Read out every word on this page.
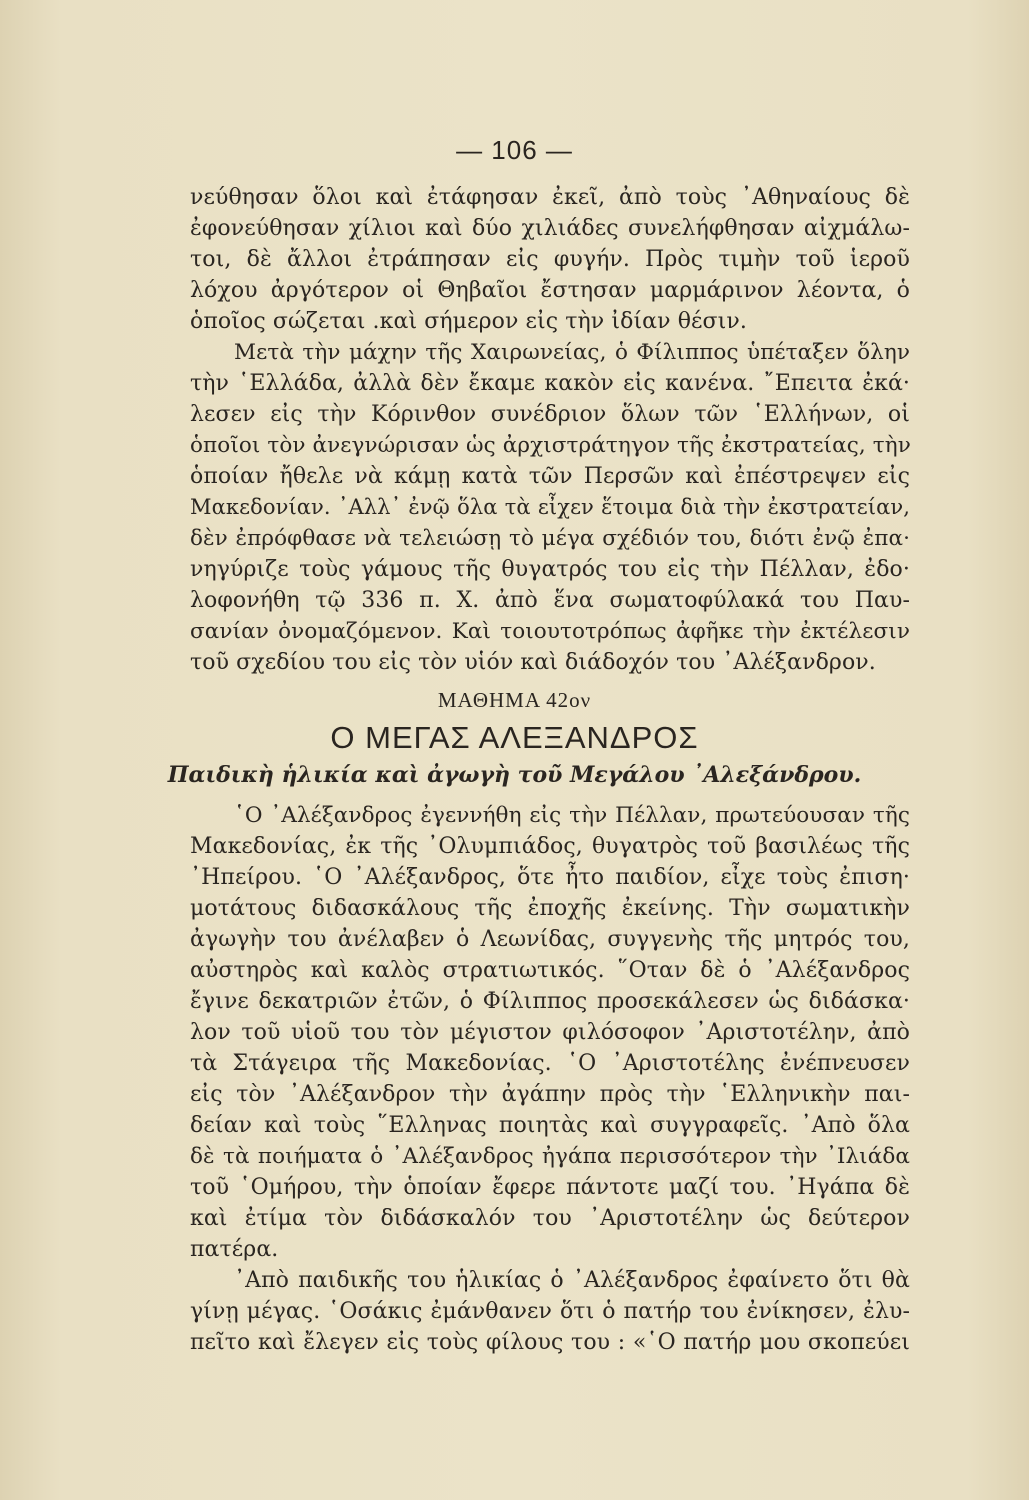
— 106 —
νεύθησαν ὅλοι καὶ ἐτάφησαν ἐκεῖ, ἀπὸ τοὺς ᾽Αθηναίους δὲ
ἐφονεύθησαν χίλιοι καὶ δύο χιλιάδες συνελήφθησαν αἰχμάλω-
τοι, δὲ ἄλλοι ἐτράπησαν εἰς φυγήν. Πρὸς τιμὴν τοῦ ἱεροῦ
λόχου ἀργότερον οἱ Θηβαῖοι ἔστησαν μαρμάρινον λέοντα, ὁ
ὁποῖος σώζεται .καὶ σήμερον εἰς τὴν ἰδίαν θέσιν.
Μετὰ τὴν μάχην τῆς Χαιρωνείας, ὁ Φίλιππος ὑπέταξεν ὅλην
τὴν ῾Ελλάδα, ἀλλὰ δὲν ἔκαμε κακὸν εἰς κανένα. ῎Επειτα ἐκά·
λεσεν εἰς τὴν Κόρινθον συνέδριον ὅλων τῶν ῾Ελλήνων, οἱ
ὁποῖοι τὸν ἀνεγνώρισαν ὡς ἀρχιστράτηγον τῆς ἐκστρατείας, τὴν
ὁποίαν ἤθελε νὰ κάμῃ κατὰ τῶν Περσῶν καὶ ἐπέστρεψεν εἰς
Μακεδονίαν. ᾽Αλλ᾽ ἐνῷ ὅλα τὰ εἶχεν ἕτοιμα διὰ τὴν ἐκστρατείαν,
δὲν ἐπρόφθασε νὰ τελειώσῃ τὸ μέγα σχέδιόν του, διότι ἐνῷ ἐπα·
νηγύριζε τοὺς γάμους τῆς θυγατρός του εἰς τὴν Πέλλαν, ἐδο·
λοφονήθη τῷ 336 π. Χ. ἀπὸ ἕνα σωματοφύλακά του Παυ-
σανίαν ὀνομαζόμενον. Καὶ τοιουτοτρόπως ἀφῆκε τὴν ἐκτέλεσιν
τοῦ σχεδίου του εἰς τὸν υἱόν καὶ διάδοχόν του ᾽Αλέξανδρον.
ΜΑΘΗΜΑ 42ον
Ο ΜΕΓΑΣ ΑΛΕΞΑΝΔΡΟΣ
Παιδικὴ ἡλικία καὶ ἀγωγὴ τοῦ Μεγάλου ᾽Αλεξάνδρου.
῾Ο ᾽Αλέξανδρος ἐγεννήθη εἰς τὴν Πέλλαν, πρωτεύουσαν τῆς
Μακεδονίας, ἐκ τῆς ᾽Ολυμπιάδος, θυγατρὸς τοῦ βασιλέως τῆς
᾽Ηπείρου. ῾Ο ᾽Αλέξανδρος, ὅτε ἦτο παιδίον, εἶχε τοὺς ἐπιση·
μοτάτους διδασκάλους τῆς ἐποχῆς ἐκείνης. Τὴν σωματικὴν
ἀγωγὴν του ἀνέλαβεν ὁ Λεωνίδας, συγγενὴς τῆς μητρός του,
αὐστηρὸς καὶ καλὸς στρατιωτικός. ῞Οταν δὲ ὁ ᾽Αλέξανδρος
ἔγινε δεκατριῶν ἐτῶν, ὁ Φίλιππος προσεκάλεσεν ὡς διδάσκα·
λον τοῦ υἱοῦ του τὸν μέγιστον φιλόσοφον ᾽Αριστοτέλην, ἀπὸ
τὰ Στάγειρα τῆς Μακεδονίας. ῾Ο ᾽Αριστοτέλης ἐνέπνευσεν
εἰς τὸν ᾽Αλέξανδρον τὴν ἀγάπην πρὸς τὴν ῾Ελληνικὴν παι-
δείαν καὶ τοὺς ῞Ελληνας ποιητὰς καὶ συγγραφεῖς. ᾽Απὸ ὅλα
δὲ τὰ ποιήματα ὁ ᾽Αλέξανδρος ἠγάπα περισσότερον τὴν ᾽Ιλιάδα
τοῦ ῾Ομήρου, τὴν ὁποίαν ἔφερε πάντοτε μαζί του. ᾽Ηγάπα δὲ
καὶ ἐτίμα τὸν διδάσκαλόν του ᾽Αριστοτέλην ὡς δεύτερον
πατέρα.
᾽Απὸ παιδικῆς του ἡλικίας ὁ ᾽Αλέξανδρος ἐφαίνετο ὅτι θὰ
γίνῃ μέγας. ῾Οσάκις ἐμάνθανεν ὅτι ὁ πατήρ του ἐνίκησεν, ἐλυ-
πεῖτο καὶ ἔλεγεν εἰς τοὺς φίλους του : «῾Ο πατήρ μου σκοπεύει
